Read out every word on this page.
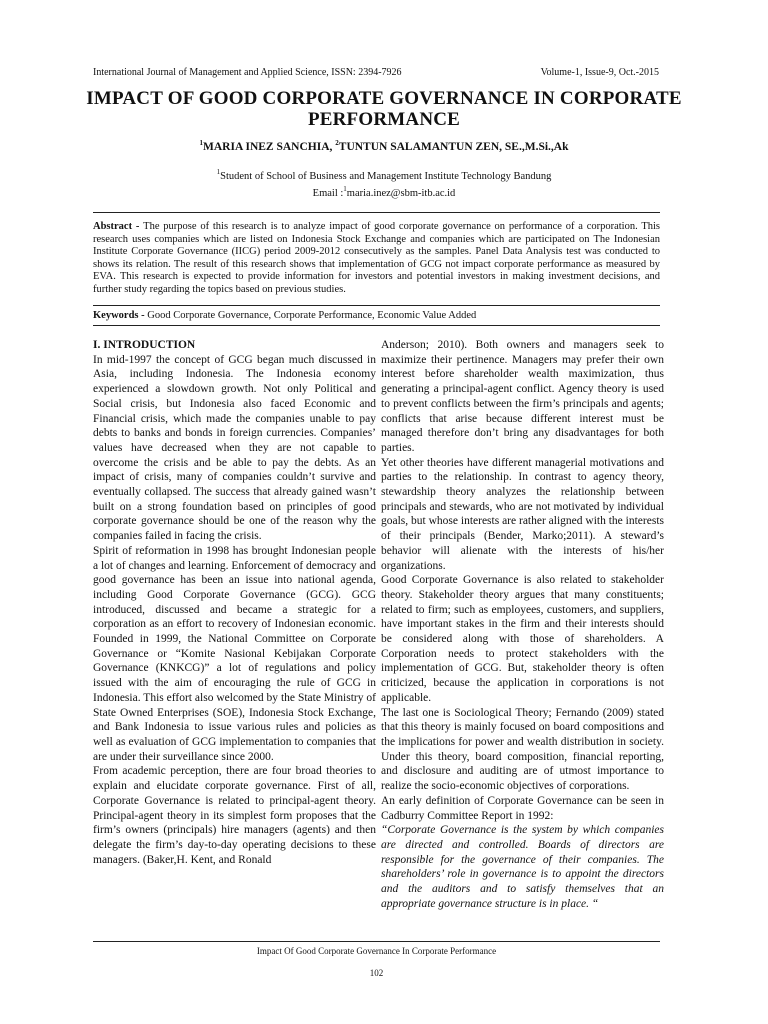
International Journal of Management and Applied Science, ISSN: 2394-7926	Volume-1, Issue-9, Oct.-2015
IMPACT OF GOOD CORPORATE GOVERNANCE IN CORPORATE PERFORMANCE
$^1$MARIA INEZ SANCHIA, $^2$TUNTUN SALAMANTUN ZEN, SE.,M.Si.,Ak
$^1$Student of School of Business and Management Institute Technology Bandung
Email :$^1$maria.inez@sbm-itb.ac.id
Abstract - The purpose of this research is to analyze impact of good corporate governance on performance of a corporation. This research uses companies which are listed on Indonesia Stock Exchange and companies which are participated on The Indonesian Institute Corporate Governance (IICG) period 2009-2012 consecutively as the samples. Panel Data Analysis test was conducted to shows its relation. The result of this research shows that implementation of GCG not impact corporate performance as measured by EVA. This research is expected to provide information for investors and potential investors in making investment decisions, and further study regarding the topics based on previous studies.
Keywords - Good Corporate Governance, Corporate Performance, Economic Value Added

I. INTRODUCTION

In mid-1997 the concept of GCG began much discussed in Asia, including Indonesia. The Indonesia economy experienced a slowdown growth. Not only Political and Social crisis, but Indonesia also faced Economic and Financial crisis, which made the companies unable to pay debts to banks and bonds in foreign currencies. Companies’ values have decreased when they are not capable to overcome the crisis and be able to pay the debts. As an impact of crisis, many of companies couldn’t survive and eventually collapsed. The success that already gained wasn’t built on a strong foundation based on principles of good corporate governance should be one of the reason why the companies failed in facing the crisis.

Spirit of reformation in 1998 has brought Indonesian people a lot of changes and learning. Enforcement of democracy and good governance has been an issue into national agenda, including Good Corporate Governance (GCG). GCG introduced, discussed and became a strategic for a corporation as an effort to recovery of Indonesian economic. Founded in 1999, the National Committee on Corporate Governance or “Komite Nasional Kebijakan Corporate Governance (KNKCG)” a lot of regulations and policy issued with the aim of encouraging the rule of GCG in Indonesia. This effort also welcomed by the State Ministry of State Owned Enterprises (SOE), Indonesia Stock Exchange, and Bank Indonesia to issue various rules and policies as well as evaluation of GCG implementation to companies that are under their surveillance since 2000.

From academic perception, there are four broad theories to explain and elucidate corporate governance. First of all, Corporate Governance is related to principal-agent theory. Principal-agent theory in its simplest form proposes that the firm’s owners (principals) hire managers (agents) and then delegate the firm’s day-to-day operating decisions to these managers. (Baker,H. Kent, and Ronald

Anderson; 2010). Both owners and managers seek to maximize their pertinence. Managers may prefer their own interest before shareholder wealth maximization, thus generating a principal-agent conflict. Agency theory is used to prevent conflicts between the firm’s principals and agents; conflicts that arise because different interest must be managed therefore don’t bring any disadvantages for both parties.

Yet other theories have different managerial motivations and parties to the relationship. In contrast to agency theory, stewardship theory analyzes the relationship between principals and stewards, who are not motivated by individual goals, but whose interests are rather aligned with the interests of their principals (Bender, Marko;2011). A steward’s behavior will alienate with the interests of his/her organizations.

Good Corporate Governance is also related to stakeholder theory. Stakeholder theory argues that many constituents; related to firm; such as employees, customers, and suppliers, have important stakes in the firm and their interests should be considered along with those of shareholders. A Corporation needs to protect stakeholders with the implementation of GCG. But, stakeholder theory is often criticized, because the application in corporations is not applicable.

The last one is Sociological Theory; Fernando (2009) stated that this theory is mainly focused on board compositions and the implications for power and wealth distribution in society. Under this theory, board composition, financial reporting, and disclosure and auditing are of utmost importance to realize the socio-economic objectives of corporations.

An early definition of Corporate Governance can be seen in Cadburry Committee Report in 1992:

“Corporate Governance is the system by which companies are directed and controlled. Boards of directors are responsible for the governance of their companies. The shareholders’ role in governance is to appoint the directors and the auditors and to satisfy themselves that an appropriate governance structure is in place. “

Impact Of Good Corporate Governance In Corporate Performance
102
